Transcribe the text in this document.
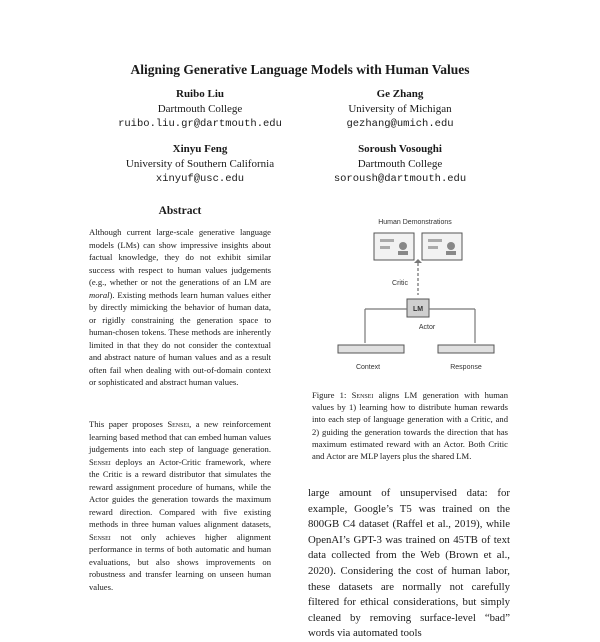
Aligning Generative Language Models with Human Values
Ruibo Liu
Dartmouth College
ruibo.liu.gr@dartmouth.edu
Ge Zhang
University of Michigan
gezhang@umich.edu
Xinyu Feng
University of Southern California
xinyuf@usc.edu
Soroush Vosoughi
Dartmouth College
soroush@dartmouth.edu
Abstract
Although current large-scale generative language models (LMs) can show impressive insights about factual knowledge, they do not exhibit similar success with respect to human values judgements (e.g., whether or not the generations of an LM are moral). Existing methods learn human values either by directly mimicking the behavior of human data, or rigidly constraining the generation space to human-chosen tokens. These methods are inherently limited in that they do not consider the contextual and abstract nature of human values and as a result often fail when dealing with out-of-domain context or sophisticated and abstract human values.
This paper proposes Sensei, a new reinforcement learning based method that can embed human values judgements into each step of language generation. Sensei deploys an Actor-Critic framework, where the Critic is a reward distributor that simulates the reward assignment procedure of humans, while the Actor guides the generation towards the maximum reward direction. Compared with five existing methods in three human values alignment datasets, Sensei not only achieves higher alignment performance in terms of both automatic and human evaluations, but also shows improvements on robustness and transfer learning on unseen human values.
Human Demonstrations
Critic
LM
Actor
Context	Response
Figure 1: Sensei aligns LM generation with human values by 1) learning how to distribute human rewards into each step of language generation with a Critic, and 2) guiding the generation towards the direction that has maximum estimated reward with an Actor. Both Critic and Actor are MLP layers plus the shared LM.
large amount of unsupervised data: for example, Google’s T5 was trained on the 800GB C4 dataset (Raffel et al., 2019), while OpenAI’s GPT-3 was trained on 45TB of text data collected from the Web (Brown et al., 2020). Considering the cost of human labor, these datasets are normally not carefully filtered for ethical considerations, but simply cleaned by removing surface-level “bad” words via automated tools
